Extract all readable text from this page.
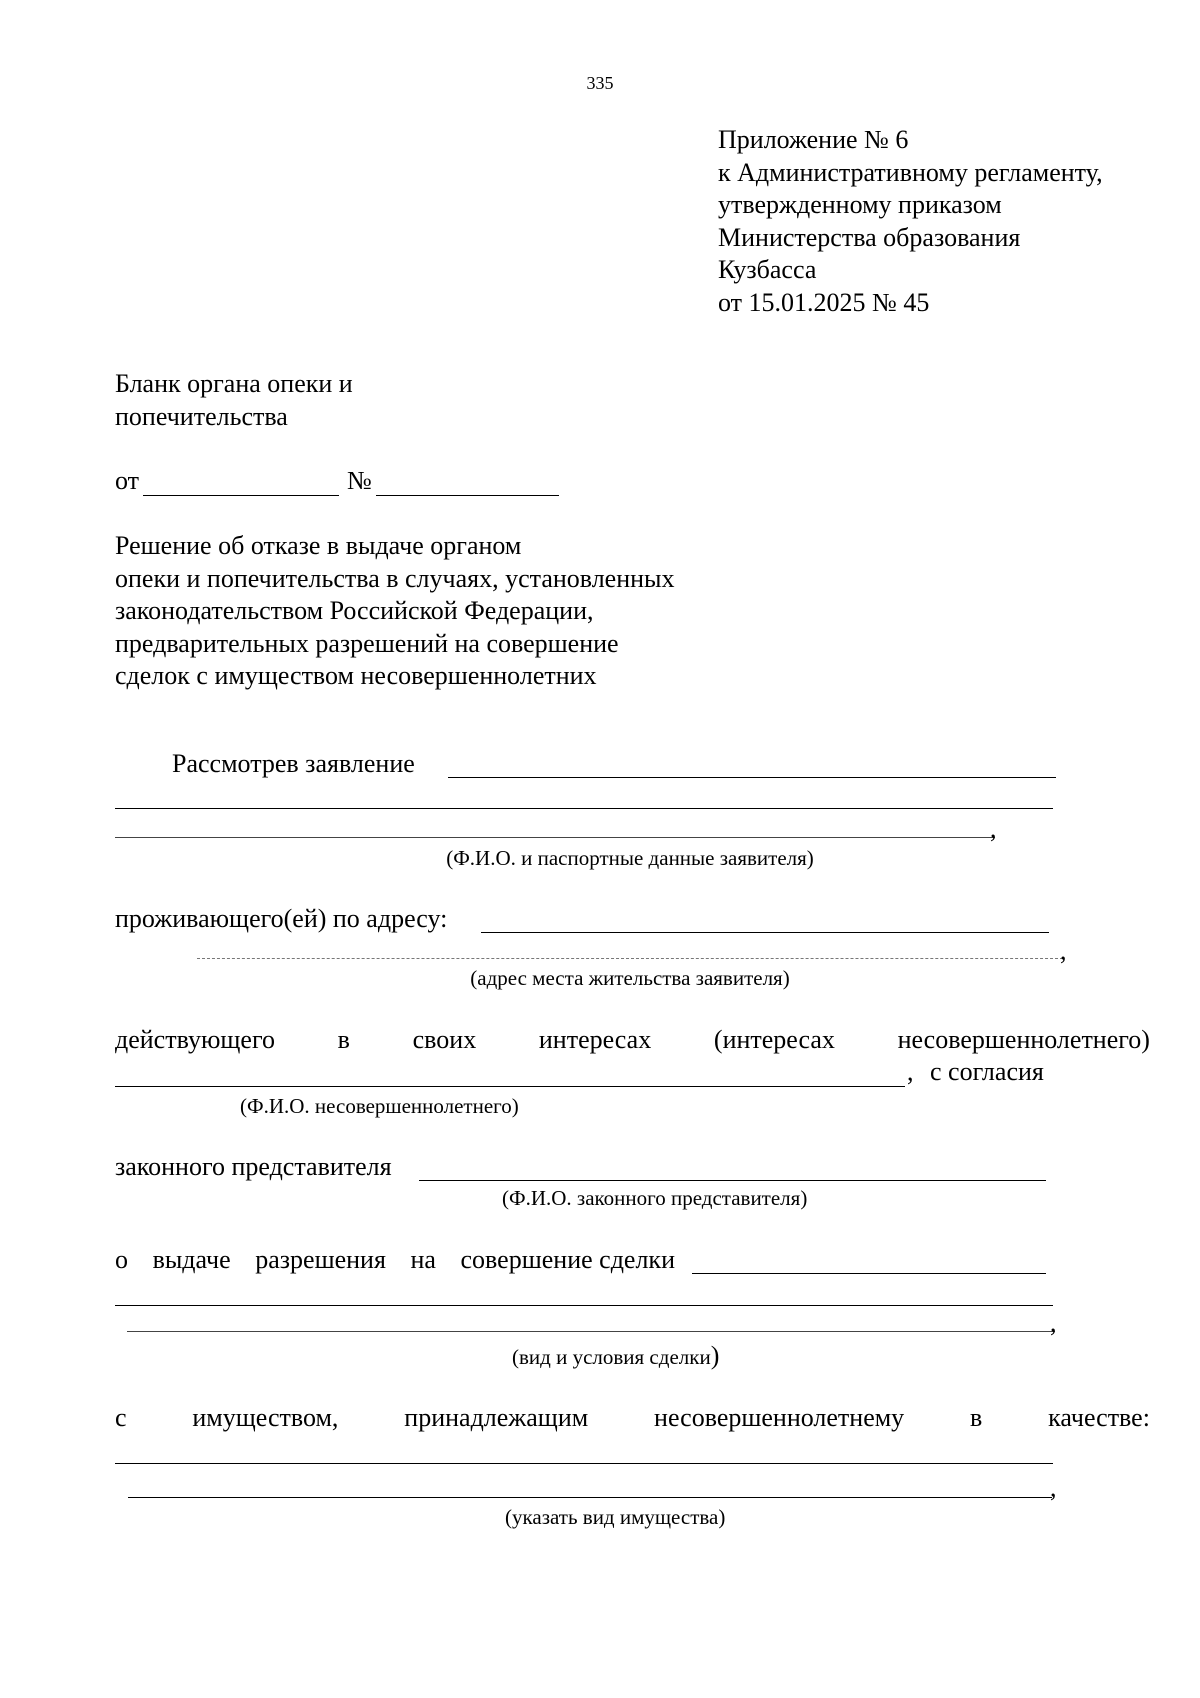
335
Приложение № 6
к Административному регламенту,
утвержденному приказом
Министерства образования
Кузбасса
от 15.01.2025 № 45
Бланк органа опеки и
попечительства
от	№
Решение об отказе в выдаче органом
опеки и попечительства в случаях, установленных
законодательством Российской Федерации,
предварительных разрешений на совершение
сделок с имуществом несовершеннолетних
Рассмотрев заявление
,
(Ф.И.О. и паспортные данные заявителя)
проживающего(ей) по адресу:
,
(адрес места жительства заявителя)
действующего в своих интересах (интересах несовершеннолетнего)
, с согласия
(Ф.И.О. несовершеннолетнего)
законного представителя
(Ф.И.О. законного представителя)
о выдаче разрешения на совершение сделки
,
(вид и условия сделки)
с	имуществом,	принадлежащим	несовершеннолетнему	в	качестве:
,
(указать вид имущества)
